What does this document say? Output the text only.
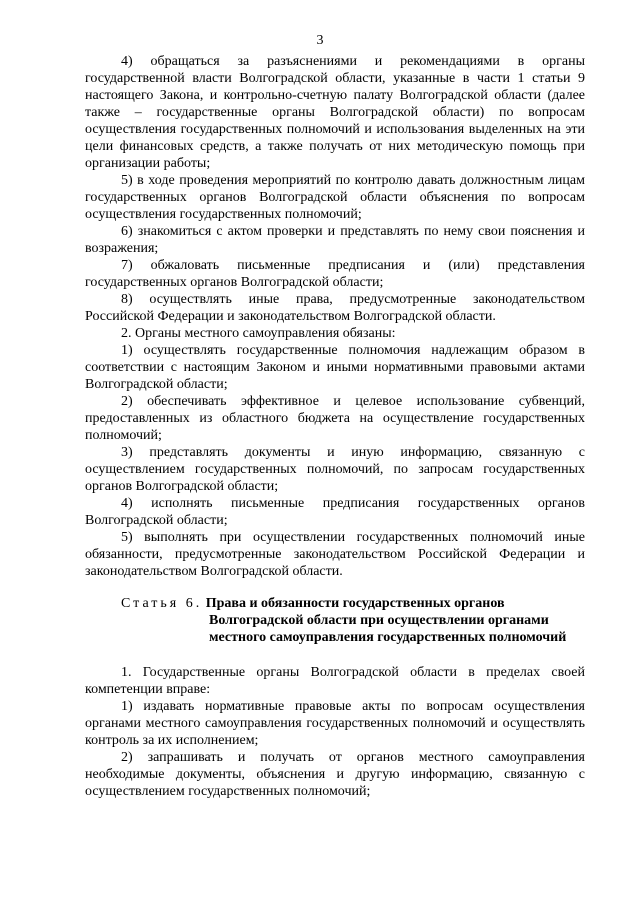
3

4) обращаться за разъяснениями и рекомендациями в органы государственной власти Волгоградской области, указанные в части 1 статьи 9 настоящего Закона, и контрольно-счетную палату Волгоградской области (далее также – государственные органы Волгоградской области) по вопросам осуществления государственных полномочий и использования выделенных на эти цели финансовых средств, а также получать от них методическую помощь при организации работы;

5) в ходе проведения мероприятий по контролю давать должностным лицам государственных органов Волгоградской области объяснения по вопросам осуществления государственных полномочий;

6) знакомиться с актом проверки и представлять по нему свои пояснения и возражения;

7) обжаловать письменные предписания и (или) представления государственных органов Волгоградской области;

8) осуществлять иные права, предусмотренные законодательством Российской Федерации и законодательством Волгоградской области.

2. Органы местного самоуправления обязаны:

1) осуществлять государственные полномочия надлежащим образом в соответствии с настоящим Законом и иными нормативными правовыми актами Волгоградской области;

2) обеспечивать эффективное и целевое использование субвенций, предоставленных из областного бюджета на осуществление государственных полномочий;

3) представлять документы и иную информацию, связанную с осуществлением государственных полномочий, по запросам государственных органов Волгоградской области;

4) исполнять письменные предписания государственных органов Волгоградской области;

5) выполнять при осуществлении государственных полномочий иные обязанности, предусмотренные законодательством Российской Федерации и законодательством Волгоградской области.

Статья 6. Права и обязанности государственных органов
Волгоградской области при осуществлении органами
местного самоуправления государственных полномочий

1. Государственные органы Волгоградской области в пределах своей компетенции вправе:

1) издавать нормативные правовые акты по вопросам осуществления органами местного самоуправления государственных полномочий и осуществлять контроль за их исполнением;

2) запрашивать и получать от органов местного самоуправления необходимые документы, объяснения и другую информацию, связанную с осуществлением государственных полномочий;
